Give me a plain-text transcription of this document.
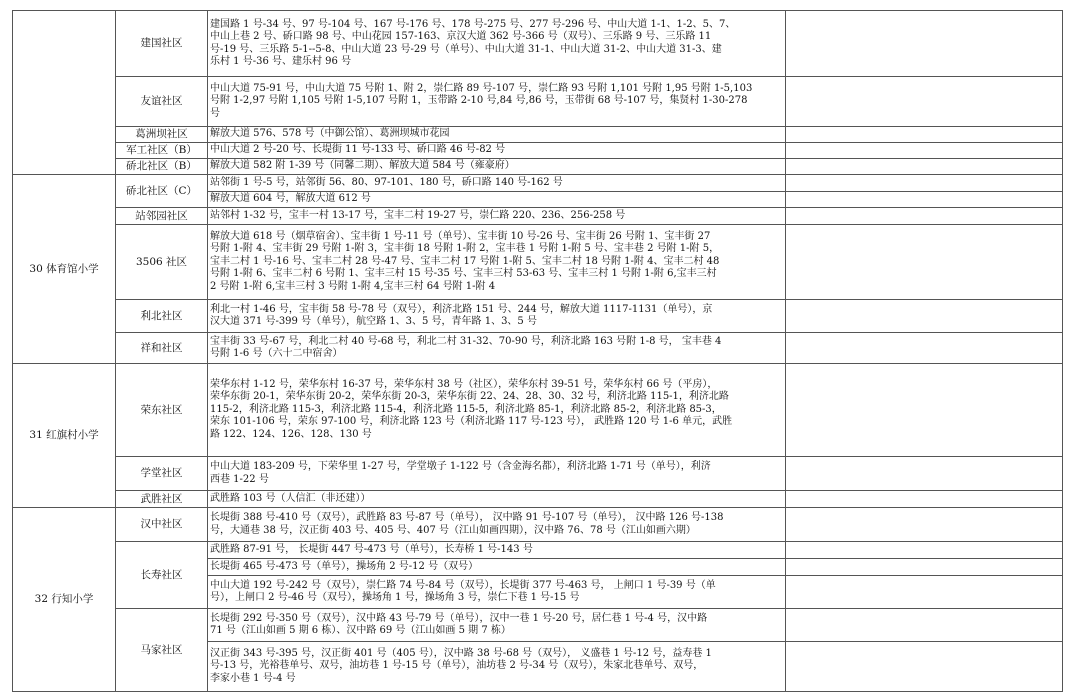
	建国社区	建国路 1 号-34 号、97 号-104 号、167 号-176 号、178 号-275 号、277 号-296 号、中山大道 1-1、1-2、5、7、
中山上巷 2 号、硚口路 98 号、中山花园 157-163、京汉大道 362 号-366 号（双号）、三乐路 9 号、三乐路 11
号-19 号、三乐路 5-1--5-8、中山大道 23 号-29 号（单号）、中山大道 31-1、中山大道 31-2、中山大道 31-3、建
乐村 1 号-36 号、建乐村 96 号	

	友谊社区	中山大道 75-91 号，中山大道 75 号附 1、附 2，崇仁路 89 号-107 号，崇仁路 93 号附 1,101 号附 1,95 号附 1-5,103
号附 1-2,97 号附 1,105 号附 1-5,107 号附 1，玉带路 2-10 号,84 号,86 号，玉带街 68 号-107 号，集贤村 1-30-278
号	

	葛洲坝社区	解放大道 576、578 号（中御公馆）、葛洲坝城市花园	

	军工社区（B）	中山大道 2 号-20 号、长堤街 11 号-133 号、硚口路 46 号-82 号	

	硚北社区（B）	解放大道 582 附 1-39 号（同馨二期）、解放大道 584 号（雍豪府）	

30 体育馆小学	硚北社区（C）	站邻街 1 号-5 号，站邻街 56、80、97-101、180 号，硚口路 140 号-162 号	

		解放大道 604 号，解放大道 612 号	

	站邻园社区	站邻村 1-32 号，宝丰一村 13-17 号，宝丰二村 19-27 号，崇仁路 220、236、256-258 号	

	3506 社区	解放大道 618 号（烟草宿舍）、宝丰街 1 号-11 号（单号）、宝丰街 10 号-26 号、宝丰街 26 号附 1、宝丰街 27
号附 1-附 4、宝丰街 29 号附 1-附 3，宝丰街 18 号附 1-附 2，宝丰巷 1 号附 1-附 5 号、宝丰巷 2 号附 1-附 5，
宝丰二村 1 号-16 号、宝丰二村 28 号-47 号、宝丰二村 17 号附 1-附 5、宝丰二村 18 号附 1-附 4、宝丰二村 48
号附 1-附 6、宝丰二村 6 号附 1、宝丰三村 15 号-35 号、宝丰三村 53-63 号、宝丰三村 1 号附 1-附 6,宝丰三村
2 号附 1-附 6,宝丰三村 3 号附 1-附 4,宝丰三村 64 号附 1-附 4	

	利北社区	利北一村 1-46 号，宝丰街 58 号-78 号（双号），利济北路 151 号、244 号，解放大道 1117-1131（单号），京
汉大道 371 号-399 号（单号），航空路 1、3、5 号，青年路 1、3、5 号	

	祥和社区	宝丰街 33 号-67 号，利北二村 40 号-68 号，利北二村 31-32、70-90 号，利济北路 163 号附 1-8 号， 宝丰巷 4
号附 1-6 号（六十二中宿舍）	

31 红旗村小学	荣东社区	荣华东村 1-12 号，荣华东村 16-37 号，荣华东村 38 号（社区），荣华东村 39-51 号，荣华东村 66 号（平房），
荣华东街 20-1，荣华东街 20-2，荣华东街 20-3，荣华东街 22、24、28、30、32 号，利济北路 115-1，利济北路
115-2，利济北路 115-3，利济北路 115-4，利济北路 115-5，利济北路 85-1，利济北路 85-2，利济北路 85-3，
荣东 101-106 号，荣东 97-100 号，利济北路 123 号（利济北路 117 号-123 号）， 武胜路 120 号 1-6 单元，武胜
路 122、124、126、128、130 号	

	学堂社区	中山大道 183-209 号，下荣华里 1-27 号，学堂墩子 1-122 号（含金海名都），利济北路 1-71 号（单号），利济
西巷 1-22 号	

	武胜社区	武胜路 103 号（人信汇（非还建））	

32 行知小学	汉中社区	长堤街 388 号-410 号（双号），武胜路 83 号-87 号（单号）， 汉中路 91 号-107 号（单号）， 汉中路 126 号-138
号，大通巷 38 号，汉正街 403 号、405 号、407 号（江山如画四期），汉中路 76、78 号（江山如画六期）	

	长寿社区	武胜路 87-91 号， 长堤街 447 号-473 号（单号），长寿桥 1 号-143 号	

		长堤街 465 号-473 号（单号），操场角 2 号-12 号（双号）	

		中山大道 192 号-242 号（双号），崇仁路 74 号-84 号（双号），长堤街 377 号-463 号， 上闸口 1 号-39 号（单
号），上闸口 2 号-46 号（双号），操场角 1 号，操场角 3 号，崇仁下巷 1 号-15 号	

	马家社区	长堤街 292 号-350 号（双号），汉中路 43 号-79 号（单号），汉中一巷 1 号-20 号，居仁巷 1 号-4 号，汉中路
71 号（江山如画 5 期 6 栋）、汉中路 69 号（江山如画 5 期 7 栋）	

		汉正街 343 号-395 号，汉正街 401 号（405 号），汉中路 38 号-68 号（双号）， 义盛巷 1 号-12 号，益寿巷 1
号-13 号，光裕巷单号、双号，油坊巷 1 号-15 号（单号），油坊巷 2 号-34 号（双号），朱家北巷单号、双号，
李家小巷 1 号-4 号	
